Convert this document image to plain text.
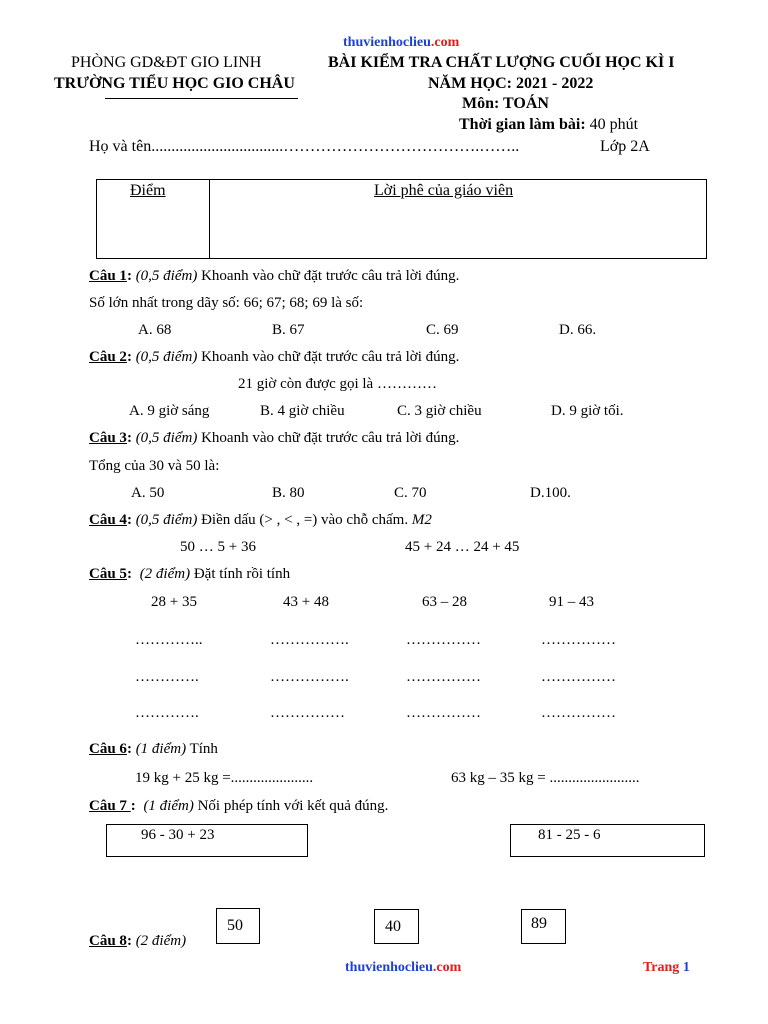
thuvienhoclieu.com
PHÒNG GD&ĐT GIO LINH
TRƯỜNG TIỂU HỌC GIO CHÂU
BÀI KIỂM TRA CHẤT LƯỢNG CUỐI HỌC KÌ I
NĂM HỌC: 2021 - 2022
Môn: TOÁN
Thời gian làm bài: 40 phút
Họ và tên.................................……………………………….……..	Lớp 2A
Điểm	Lời phê của giáo viên
Câu 1: (0,5 điểm) Khoanh vào chữ đặt trước câu trả lời đúng.
Số lớn nhất trong dãy số: 66; 67; 68; 69 là số:
A. 68	B. 67	C. 69	D. 66.
Câu 2: (0,5 điểm) Khoanh vào chữ đặt trước câu trả lời đúng.
21 giờ còn được gọi là …………
A. 9 giờ sáng	B. 4 giờ chiều	C. 3 giờ chiều	D. 9 giờ tối.
Câu 3: (0,5 điểm) Khoanh vào chữ đặt trước câu trả lời đúng.
Tổng của 30 và 50 là:
A. 50	B. 80	C. 70	D.100.
Câu 4: (0,5 điểm) Điền dấu (> , < , =) vào chỗ chấm. M2
50 … 5 + 36	45 + 24 … 24 + 45
Câu 5: (2 điểm) Đặt tính rồi tính
28 + 35	43 + 48	63 – 28	91 – 43
…………..	…………….	……………	……………
………….	…………….	……………	……………
………….	……………	……………	……………
Câu 6: (1 điểm) Tính
19 kg + 25 kg =......................	63 kg – 35 kg = ........................
Câu 7 : (1 điểm) Nối phép tính với kết quả đúng.
96 - 30 + 23	81 - 25 - 6
50	40	89
Câu 8: (2 điểm)
thuvienhoclieu.com	Trang 1
